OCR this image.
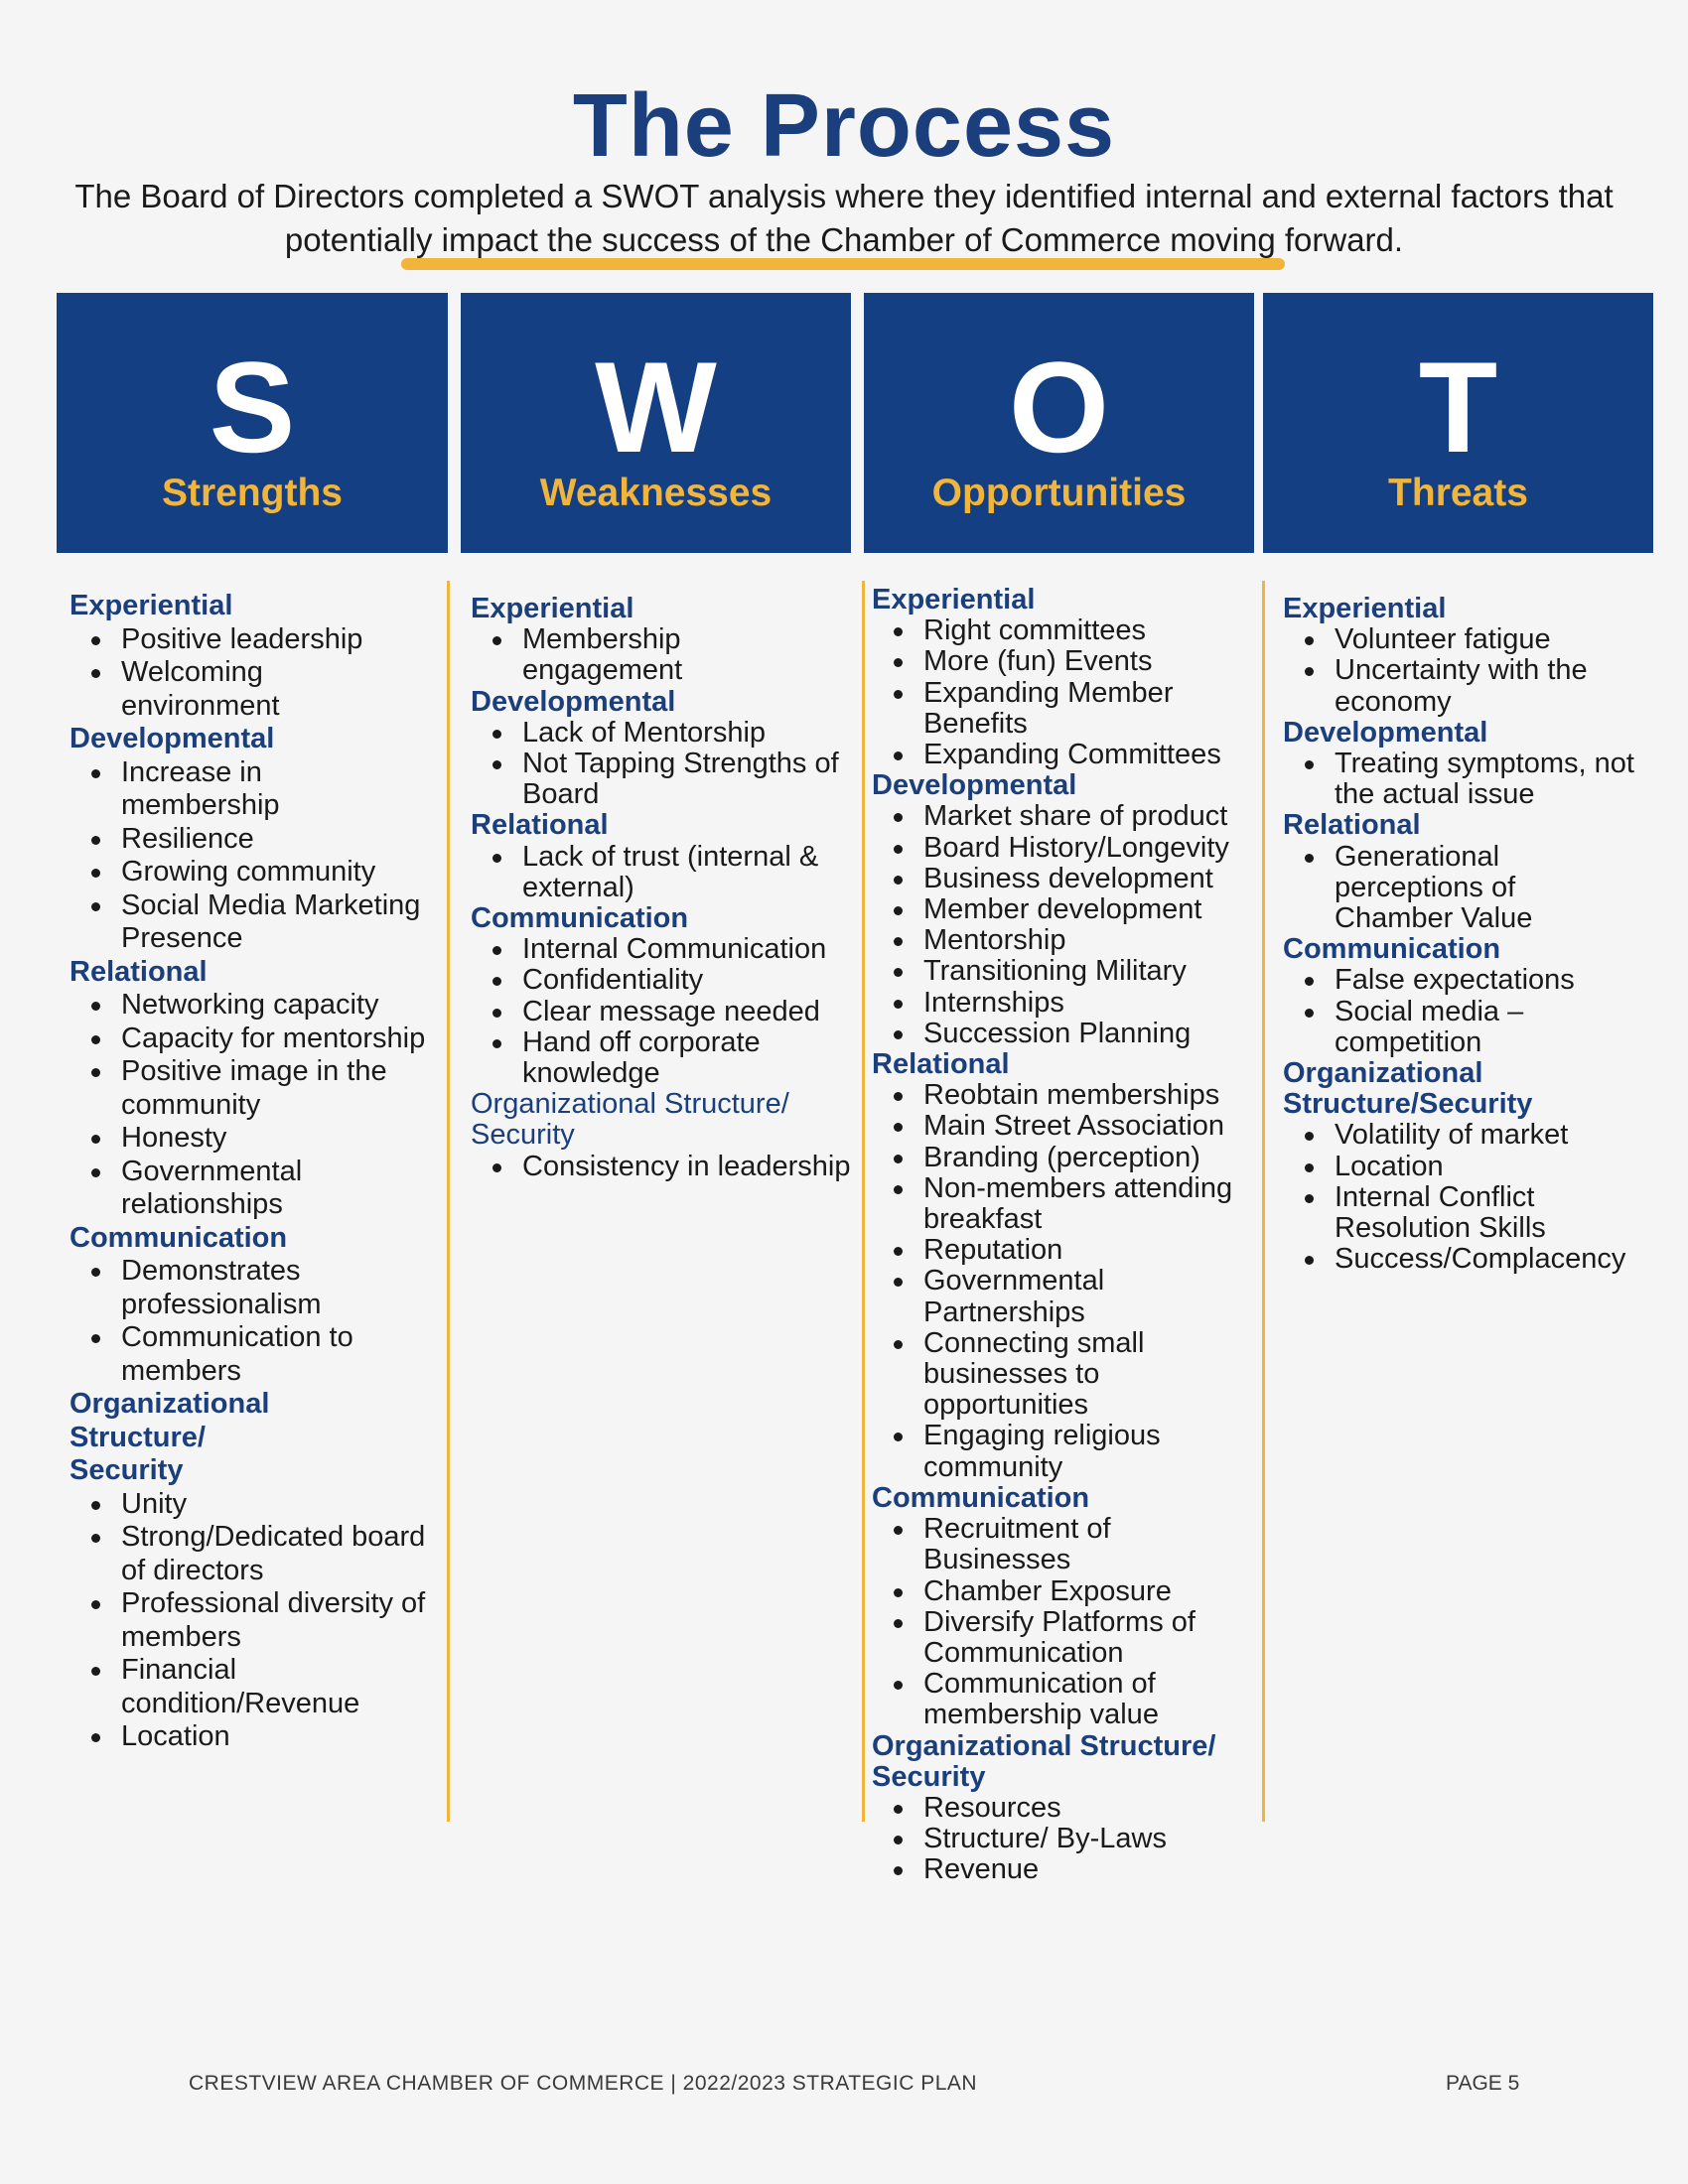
The Process
The Board of Directors completed a SWOT analysis where they identified internal and external factors that potentially impact the success of the Chamber of Commerce moving forward.
S
Strengths
W
Weaknesses
O
Opportunities
T
Threats
Experiential
Positive leadership
Welcoming environment
Developmental
Increase in membership
Resilience
Growing community
Social Media Marketing Presence
Relational
Networking capacity
Capacity for mentorship
Positive image in the community
Honesty
Governmental relationships
Communication
Demonstrates professionalism
Communication to members
Organizational Structure/ Security
Unity
Strong/Dedicated board of directors
Professional diversity of members
Financial condition/Revenue
Location
Experiential
Membership engagement
Developmental
Lack of Mentorship
Not Tapping Strengths of Board
Relational
Lack of trust (internal & external)
Communication
Internal Communication
Confidentiality
Clear message needed
Hand off corporate knowledge
Organizational Structure/ Security
Consistency in leadership
Experiential
Right committees
More (fun) Events
Expanding Member Benefits
Expanding Committees
Developmental
Market share of product
Board History/Longevity
Business development
Member development
Mentorship
Transitioning Military
Internships
Succession Planning
Relational
Reobtain memberships
Main Street Association
Branding (perception)
Non-members attending breakfast
Reputation
Governmental Partnerships
Connecting small businesses to opportunities
Engaging religious community
Communication
Recruitment of Businesses
Chamber Exposure
Diversify Platforms of Communication
Communication of membership value
Organizational Structure/ Security
Resources
Structure/ By-Laws
Revenue
Experiential
Volunteer fatigue
Uncertainty with the economy
Developmental
Treating symptoms, not the actual issue
Relational
Generational perceptions of Chamber Value
Communication
False expectations
Social media – competition
Organizational Structure/Security
Volatility of market
Location
Internal Conflict Resolution Skills
Success/Complacency
CRESTVIEW AREA CHAMBER OF COMMERCE | 2022/2023 STRATEGIC PLAN	PAGE 5
